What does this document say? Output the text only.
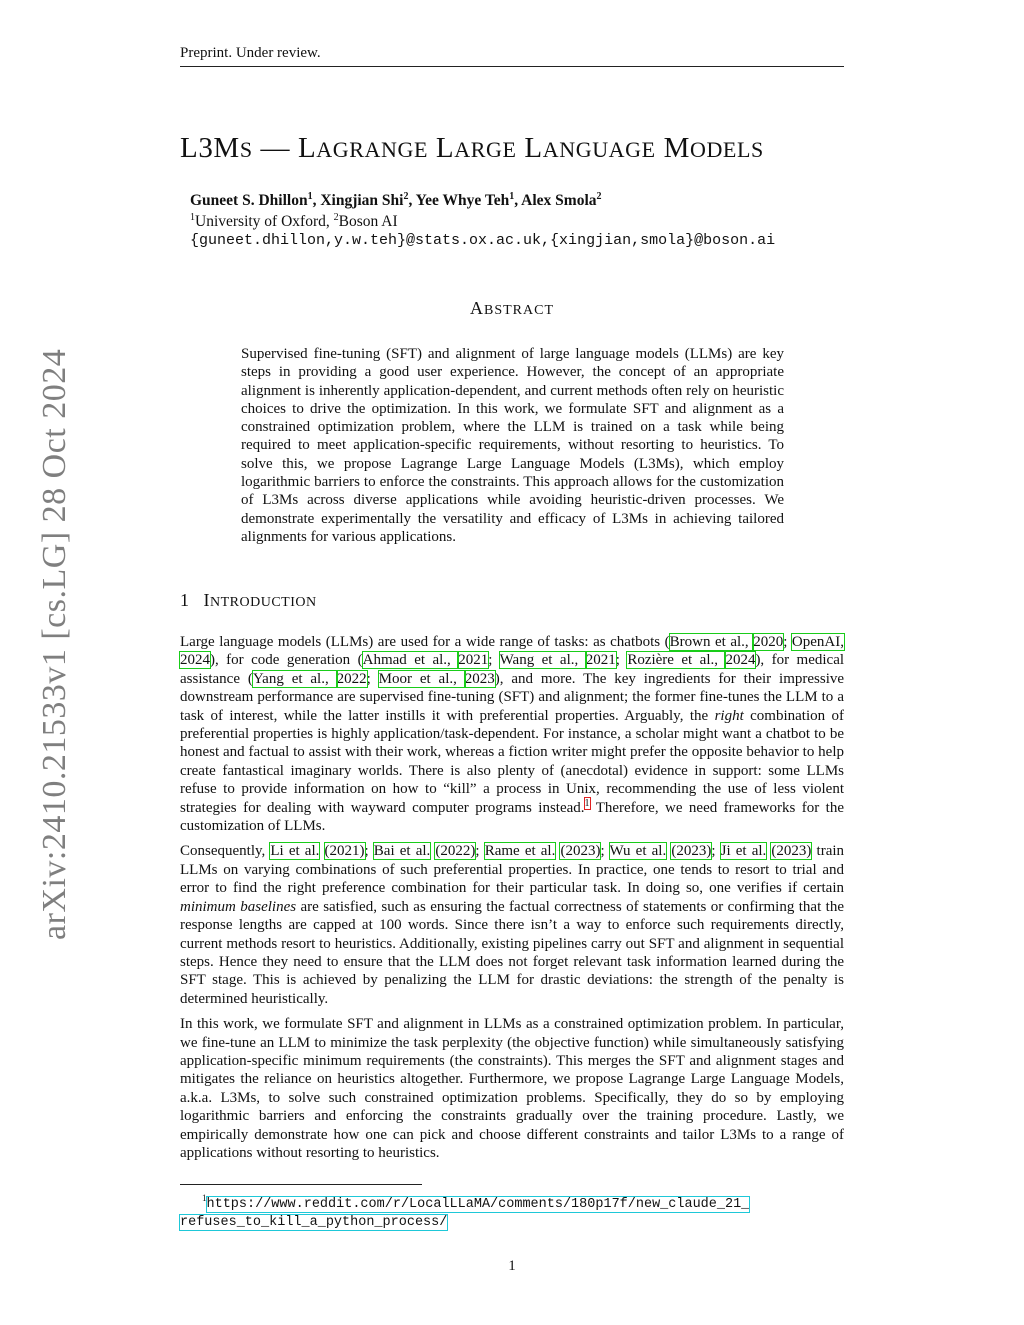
Preprint. Under review.
arXiv:2410.21533v1 [cs.LG] 28 Oct 2024
L3MS — LAGRANGE LARGE LANGUAGE MODELS
Guneet S. Dhillon$^1$, Xingjian Shi$^2$, Yee Whye Teh$^1$, Alex Smola$^2$
$^1$University of Oxford, $^2$Boson AI
{guneet.dhillon,y.w.teh}@stats.ox.ac.uk,{xingjian,smola}@boson.ai
ABSTRACT
Supervised fine-tuning (SFT) and alignment of large language models (LLMs) are key steps in providing a good user experience. However, the concept of an appropriate alignment is inherently application-dependent, and current methods often rely on heuristic choices to drive the optimization. In this work, we formulate SFT and alignment as a constrained optimization problem, where the LLM is trained on a task while being required to meet application-specific requirements, without resorting to heuristics. To solve this, we propose Lagrange Large Language Models (L3Ms), which employ logarithmic barriers to enforce the constraints. This approach allows for the customization of L3Ms across diverse applications while avoiding heuristic-driven processes. We demonstrate experimentally the versatility and efficacy of L3Ms in achieving tailored alignments for various applications.
1 INTRODUCTION

Large language models (LLMs) are used for a wide range of tasks: as chatbots (Brown et al., 2020; OpenAI, 2024), for code generation (Ahmad et al., 2021; Wang et al., 2021; Rozière et al., 2024), for medical assistance (Yang et al., 2022; Moor et al., 2023), and more. The key ingredients for their impressive downstream performance are supervised fine-tuning (SFT) and alignment; the former fine-tunes the LLM to a task of interest, while the latter instills it with preferential properties. Arguably, the right combination of preferential properties is highly application/task-dependent. For instance, a scholar might want a chatbot to be honest and factual to assist with their work, whereas a fiction writer might prefer the opposite behavior to help create fantastical imaginary worlds. There is also plenty of (anecdotal) evidence in support: some LLMs refuse to provide information on how to “kill” a process in Unix, recommending the use of less violent strategies for dealing with wayward computer programs instead.$^1$ Therefore, we need frameworks for the customization of LLMs.

Consequently, Li et al. (2021); Bai et al. (2022); Rame et al. (2023); Wu et al. (2023); Ji et al. (2023) train LLMs on varying combinations of such preferential properties. In practice, one tends to resort to trial and error to find the right preference combination for their particular task. In doing so, one verifies if certain minimum baselines are satisfied, such as ensuring the factual correctness of statements or confirming that the response lengths are capped at 100 words. Since there isn’t a way to enforce such requirements directly, current methods resort to heuristics. Additionally, existing pipelines carry out SFT and alignment in sequential steps. Hence they need to ensure that the LLM does not forget relevant task information learned during the SFT stage. This is achieved by penalizing the LLM for drastic deviations: the strength of the penalty is determined heuristically.

In this work, we formulate SFT and alignment in LLMs as a constrained optimization problem. In particular, we fine-tune an LLM to minimize the task perplexity (the objective function) while simultaneously satisfying application-specific minimum requirements (the constraints). This merges the SFT and alignment stages and mitigates the reliance on heuristics altogether. Furthermore, we propose Lagrange Large Language Models, a.k.a. L3Ms, to solve such constrained optimization problems. Specifically, they do so by employing logarithmic barriers and enforcing the constraints gradually over the training procedure. Lastly, we empirically demonstrate how one can pick and choose different constraints and tailor L3Ms to a range of applications without resorting to heuristics.

$^1$https://www.reddit.com/r/LocalLLaMA/comments/180p17f/new_claude_21_
refuses_to_kill_a_python_process/
1
